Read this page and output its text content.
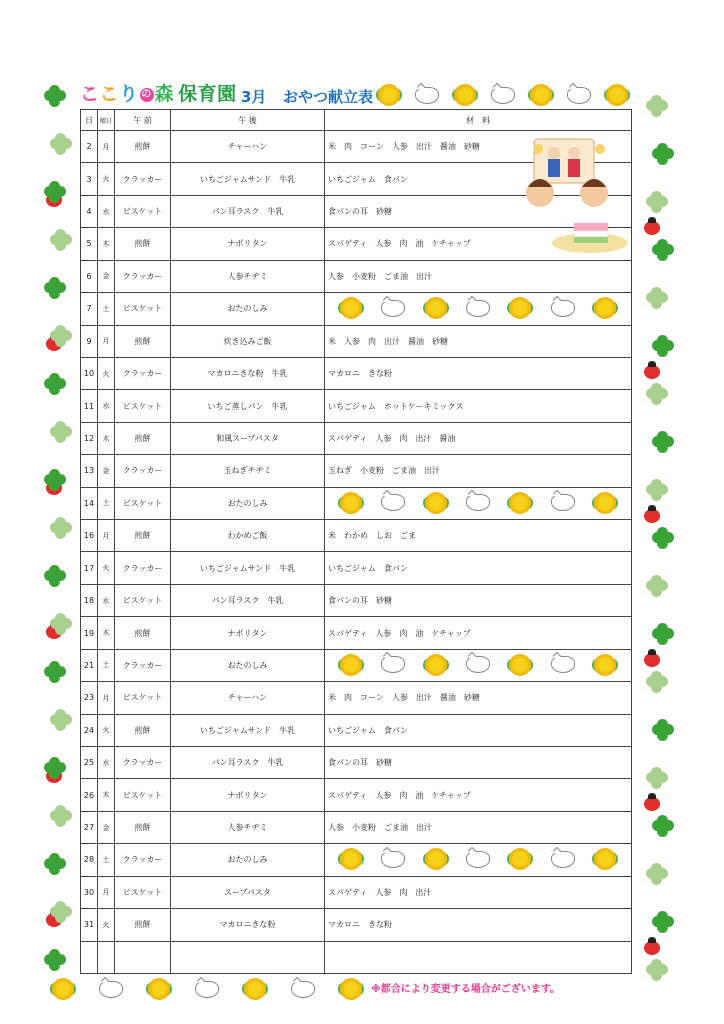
こ こ り の 森 保育園 3月 おやつ献立表
日	曜日	午 前	午 後	材　料
2	月	煎餅	チャーハン	米　肉　コーン　人参　出汁　醤油　砂糖
3	火	クラッカー	いちごジャムサンド　牛乳	いちごジャム　食パン
4	水	ビスケット	パン耳ラスク　牛乳	食パンの耳　砂糖
5	木	煎餅	ナポリタン	スパゲティ　人参　肉　油　ケチャップ
6	金	クラッカー	人参チヂミ	人参　小麦粉　ごま油　出汁
7	土	ビスケット	おたのしみ	

9	月	煎餅	炊き込みご飯	米　人参　肉　出汁　醤油　砂糖
10	火	クラッカー	マカロニきな粉　牛乳	マカロニ　きな粉
11	水	ビスケット	いちご蒸しパン　牛乳	いちごジャム　ホットケーキミックス
12	木	煎餅	和風スープパスタ	スパゲティ　人参　肉　出汁　醤油
13	金	クラッカー	玉ねぎチヂミ	玉ねぎ　小麦粉　ごま油　出汁
14	土	ビスケット	おたのしみ	

16	月	煎餅	わかめご飯	米　わかめ　しお　ごま
17	火	クラッカー	いちごジャムサンド　牛乳	いちごジャム　食パン
18	水	ビスケット	パン耳ラスク　牛乳	食パンの耳　砂糖
19	木	煎餅	ナポリタン	スパゲティ　人参　肉　油　ケチャップ
21	土	クラッカー	おたのしみ	

23	月	ビスケット	チャーハン	米　肉　コーン　人参　出汁　醤油　砂糖
24	火	煎餅	いちごジャムサンド　牛乳	いちごジャム　食パン
25	水	クラッカー	パン耳ラスク　牛乳	食パンの耳　砂糖
26	木	ビスケット	ナポリタン	スパゲティ　人参　肉　油　ケチャップ
27	金	煎餅	人参チヂミ	人参　小麦粉　ごま油　出汁
28	土	クラッカー	おたのしみ	

30	月	ビスケット	スープパスタ	スパゲティ　人参　肉　出汁
31	火	煎餅	マカロニきな粉	マカロニ　きな粉

※都合により変更する場合がございます。
